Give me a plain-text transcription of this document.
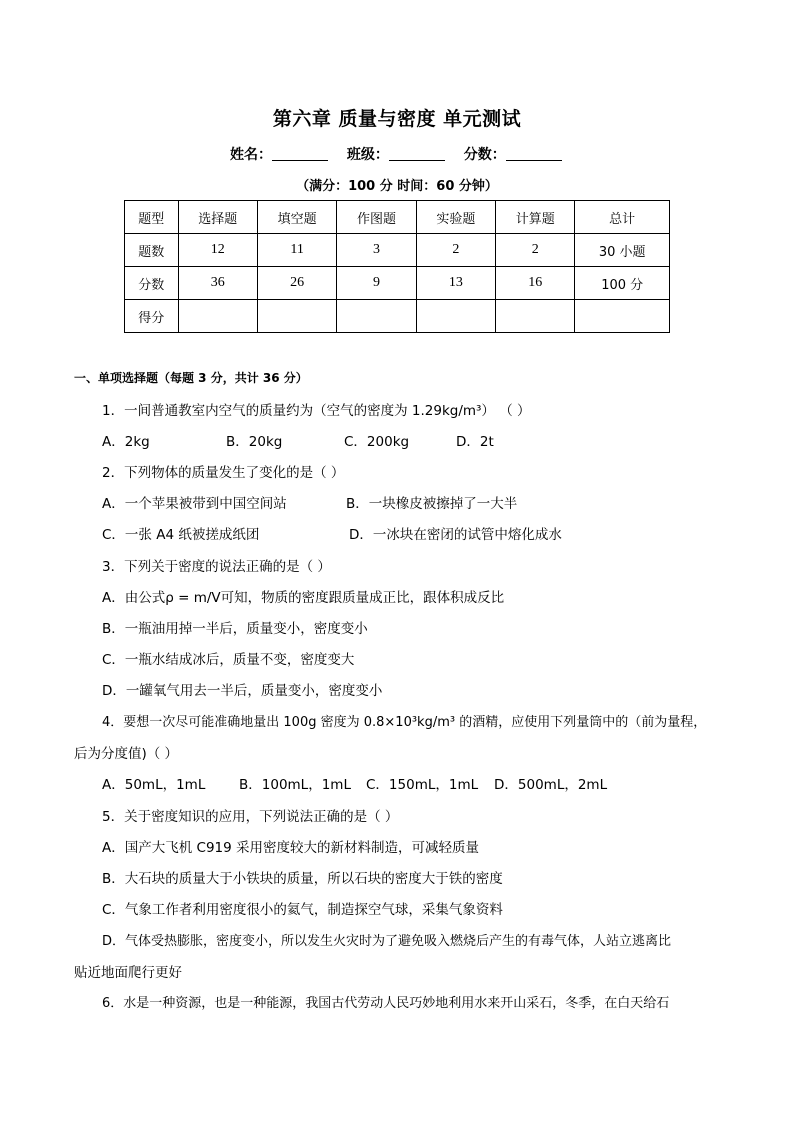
第六章 质量与密度 单元测试
姓名：	班级：	分数：
（满分：100 分 时间：60 分钟）
题型	选择题	填空题	作图题	实验题	计算题	总计
题数	12	11	3	2	2	30 小题
分数	36	26	9	13	16	100 分
得分						
一、单项选择题（每题 3 分，共计 36 分）
1．一间普通教室内空气的质量约为（空气的密度为 1.29kg/m³） （ ）
A．2kg	B．20kg	C．200kg	D．2t
2．下列物体的质量发生了变化的是（ ）
A．一个苹果被带到中国空间站	B．一块橡皮被擦掉了一大半
C．一张 A4 纸被搓成纸团	D．一冰块在密闭的试管中熔化成水
3．下列关于密度的说法正确的是（ ）
A．由公式ρ = m/V可知，物质的密度跟质量成正比，跟体积成反比
B．一瓶油用掉一半后，质量变小，密度变小
C．一瓶水结成冰后，质量不变，密度变大
D．一罐氧气用去一半后，质量变小，密度变小
4．要想一次尽可能准确地量出 100g 密度为 0.8×10³kg/m³ 的酒精，应使用下列量筒中的（前为量程，
后为分度值)（ ）
A．50mL，1mL B．100mL，1mL C．150mL，1mL D．500mL，2mL
5．关于密度知识的应用，下列说法正确的是（ ）
A．国产大飞机 C919 采用密度较大的新材料制造，可减轻质量
B．大石块的质量大于小铁块的质量，所以石块的密度大于铁的密度
C．气象工作者利用密度很小的氦气，制造探空气球，采集气象资料
D．气体受热膨胀，密度变小，所以发生火灾时为了避免吸入燃烧后产生的有毒气体，人站立逃离比
贴近地面爬行更好
6．水是一种资源，也是一种能源，我国古代劳动人民巧妙地利用水来开山采石，冬季，在白天给石
